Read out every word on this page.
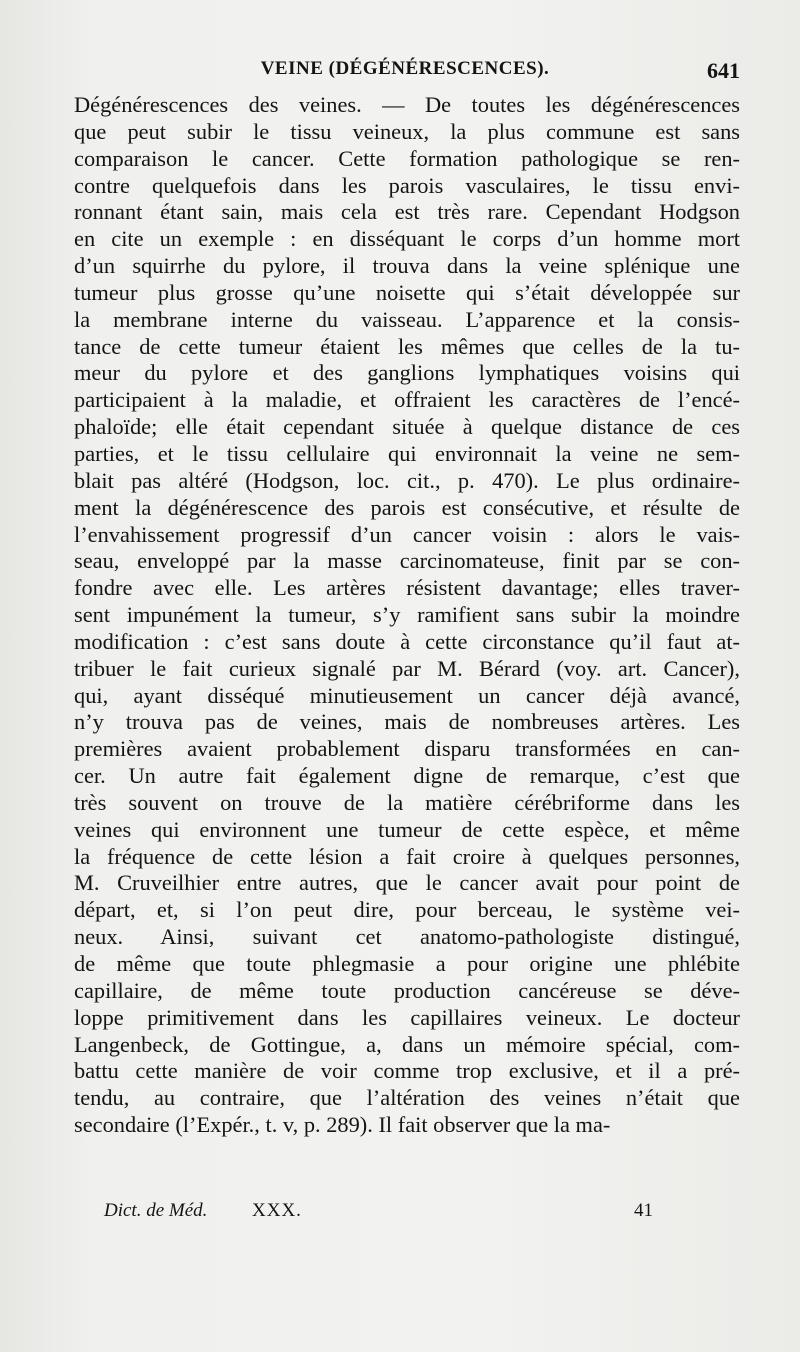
VEINE (DÉGÉNÉRESCENCES).	641
Dégénérescences des veines. — De toutes les dégénérescences
que peut subir le tissu veineux, la plus commune est sans
comparaison le cancer. Cette formation pathologique se ren-
contre quelquefois dans les parois vasculaires, le tissu envi-
ronnant étant sain, mais cela est très rare. Cependant Hodgson
en cite un exemple : en disséquant le corps d’un homme mort
d’un squirrhe du pylore, il trouva dans la veine splénique une
tumeur plus grosse qu’une noisette qui s’était développée sur
la membrane interne du vaisseau. L’apparence et la consis-
tance de cette tumeur étaient les mêmes que celles de la tu-
meur du pylore et des ganglions lymphatiques voisins qui
participaient à la maladie, et offraient les caractères de l’encé-
phaloïde; elle était cependant située à quelque distance de ces
parties, et le tissu cellulaire qui environnait la veine ne sem-
blait pas altéré (Hodgson, loc. cit., p. 470). Le plus ordinaire-
ment la dégénérescence des parois est consécutive, et résulte de
l’envahissement progressif d’un cancer voisin : alors le vais-
seau, enveloppé par la masse carcinomateuse, finit par se con-
fondre avec elle. Les artères résistent davantage; elles traver-
sent impunément la tumeur, s’y ramifient sans subir la moindre
modification : c’est sans doute à cette circonstance qu’il faut at-
tribuer le fait curieux signalé par M. Bérard (voy. art. Cancer),
qui, ayant disséqué minutieusement un cancer déjà avancé,
n’y trouva pas de veines, mais de nombreuses artères. Les
premières avaient probablement disparu transformées en can-
cer. Un autre fait également digne de remarque, c’est que
très souvent on trouve de la matière cérébriforme dans les
veines qui environnent une tumeur de cette espèce, et même
la fréquence de cette lésion a fait croire à quelques personnes,
M. Cruveilhier entre autres, que le cancer avait pour point de
départ, et, si l’on peut dire, pour berceau, le système vei-
neux. Ainsi, suivant cet anatomo-pathologiste distingué,
de même que toute phlegmasie a pour origine une phlébite
capillaire, de même toute production cancéreuse se déve-
loppe primitivement dans les capillaires veineux. Le docteur
Langenbeck, de Gottingue, a, dans un mémoire spécial, com-
battu cette manière de voir comme trop exclusive, et il a pré-
tendu, au contraire, que l’altération des veines n’était que
secondaire (l’Expér., t. v, p. 289). Il fait observer que la ma-
Dict. de Méd. XXX.	41
